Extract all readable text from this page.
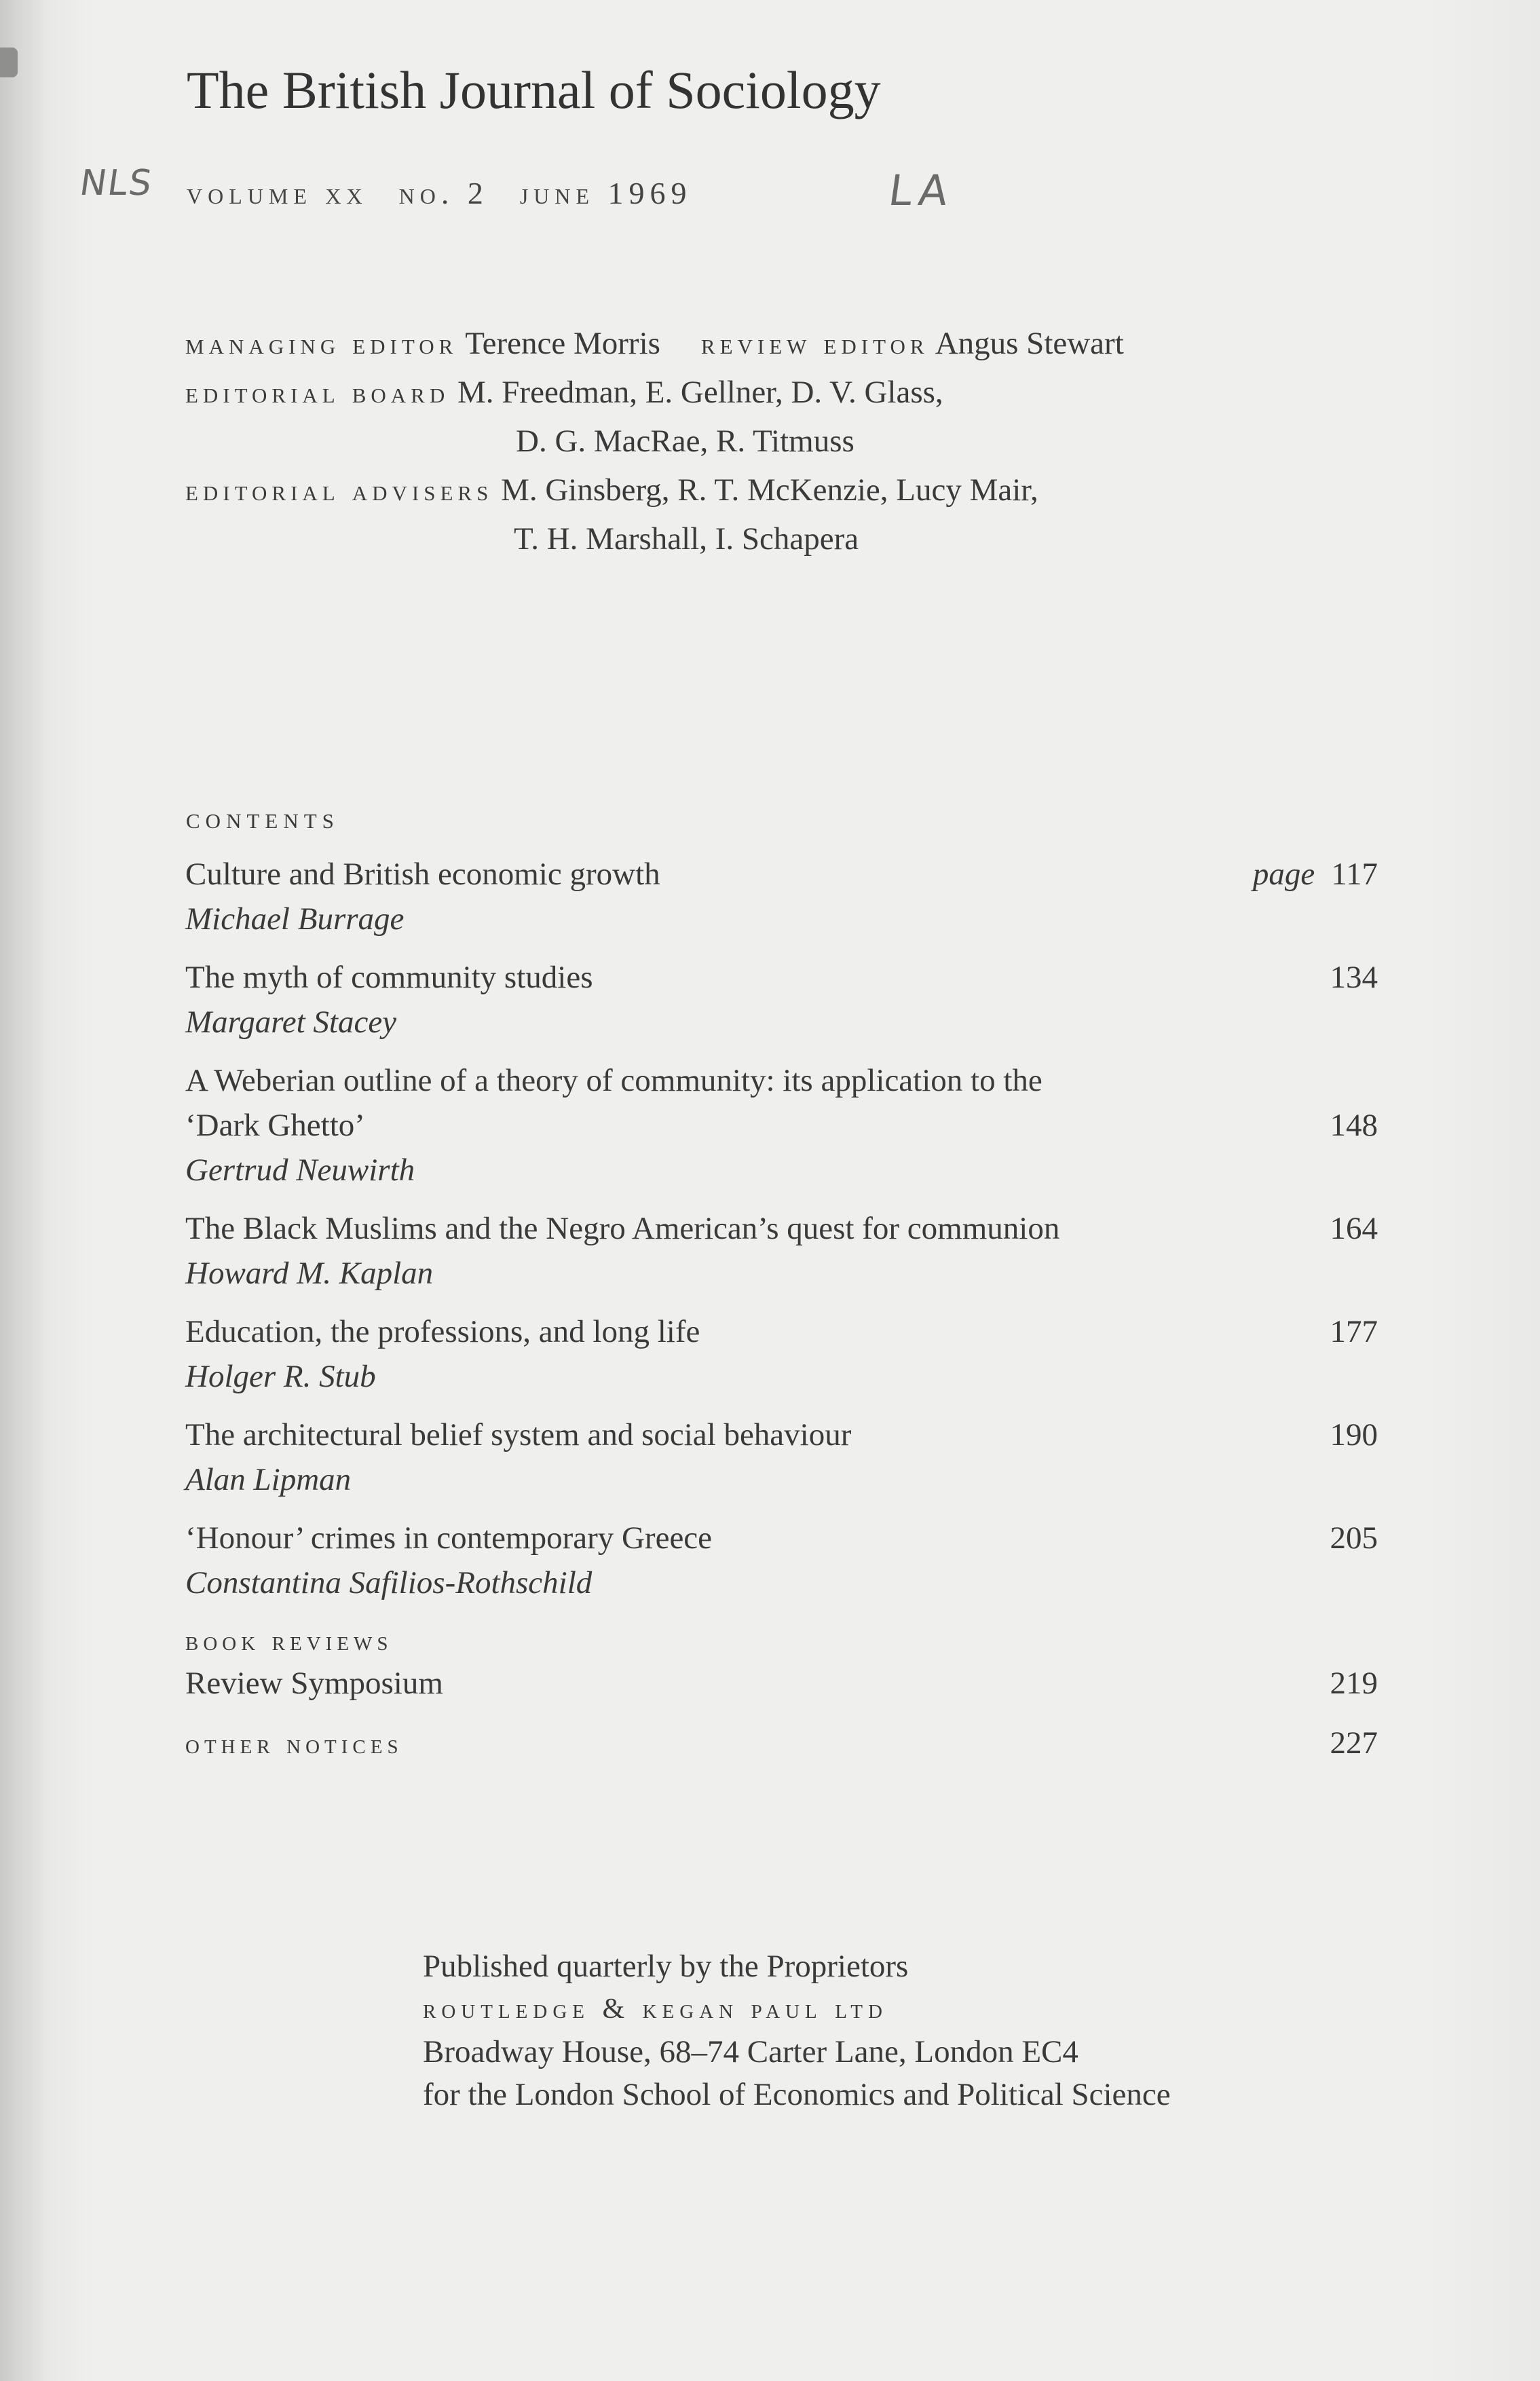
The British Journal of Sociology
NLS volume xx no. 2 june 1969	LA
managing editor Terence Morris review editor Angus Stewart
editorial board M. Freedman, E. Gellner, D. V. Glass,
D. G. MacRae, R. Titmuss
editorial advisers M. Ginsberg, R. T. McKenzie, Lucy Mair,
T. H. Marshall, I. Schapera
contents
Culture and British economic growth
Michael Burrage
page 117
The myth of community studies
Margaret Stacey
134
A Weberian outline of a theory of community: its application to the
‘Dark Ghetto’
Gertrud Neuwirth
148
The Black Muslims and the Negro American’s quest for communion
Howard M. Kaplan
164
Education, the professions, and long life
Holger R. Stub
177
The architectural belief system and social behaviour
Alan Lipman
190
‘Honour’ crimes in contemporary Greece
Constantina Safilios-Rothschild
205
book reviews
Review Symposium	219
other notices	227
Published quarterly by the Proprietors
routledge & kegan paul ltd
Broadway House, 68–74 Carter Lane, London EC4
for the London School of Economics and Political Science
